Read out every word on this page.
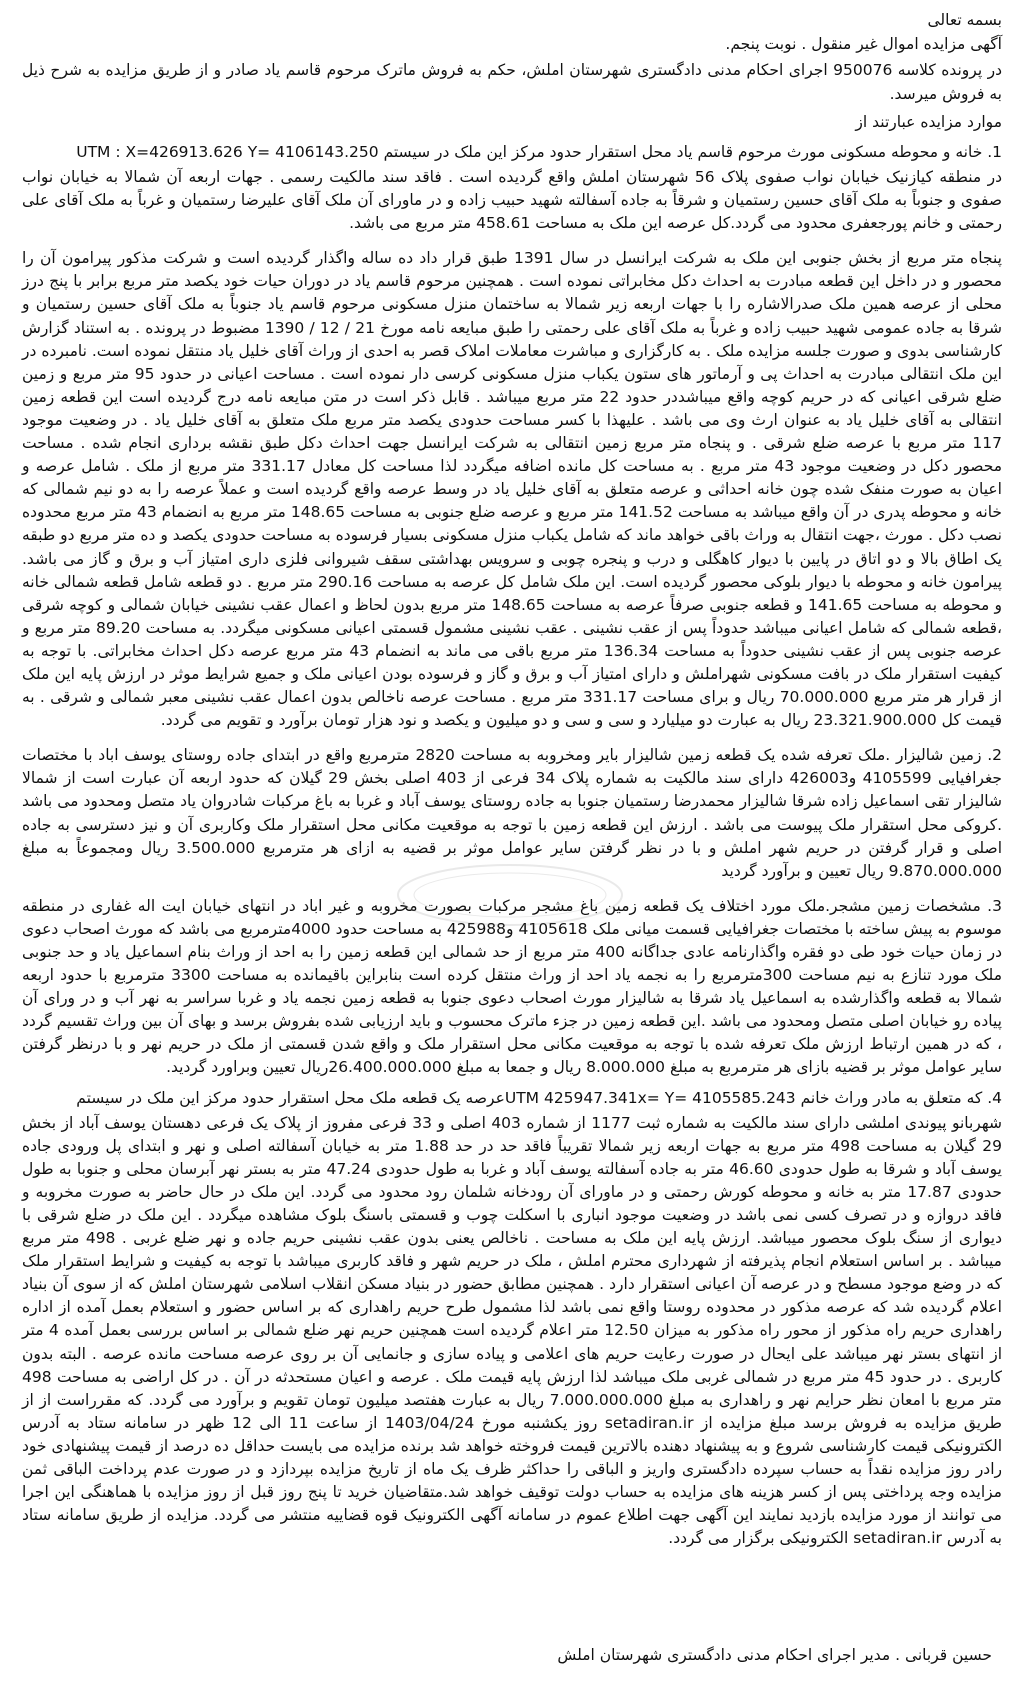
بسمه تعالی

آگهی مزایده اموال غیر منقول . نوبت پنجم.

در پرونده کلاسه 950076 اجرای احکام مدنی دادگستری شهرستان املش، حکم به فروش ماترک مرحوم قاسم یاد صادر و از طریق مزایده به شرح ذیل به فروش میرسد.

موارد مزایده عبارتند از

1. خانه و محوطه مسکونی مورث مرحوم قاسم یاد محل استقرار حدود مرکز این ملک در سیستم UTM : X=426913.626 Y= 4106143.250

در منطقه کیازنیک خیابان نواب صفوی پلاک 56 شهرستان املش واقع گردیده است . فاقد سند مالکیت رسمی . جهات اربعه آن شمالا به خیابان نواب صفوی و جنوباً به ملک آقای حسین رستمیان و شرقاً به جاده آسفالته شهید حبیب زاده و در ماورای آن ملک آقای علیرضا رستمیان و غرباً به ملک آقای علی رحمتی و خانم پورجعفری محدود می گردد.کل عرصه این ملک به مساحت 458.61 متر مربع می باشد.

پنجاه متر مربع از بخش جنوبی این ملک به شرکت ایرانسل در سال 1391 طبق قرار داد ده ساله واگذار گردیده است و شرکت مذکور پیرامون آن را محصور و در داخل این قطعه مبادرت به احداث دکل مخابراتی نموده است . همچنین مرحوم قاسم یاد در دوران حیات خود یکصد متر مربع برابر با پنج درز محلی از عرصه همین ملک صدرالاشاره را با جهات اربعه زیر شمالا به ساختمان منزل مسکونی مرحوم قاسم یاد جنوباً به ملک آقای حسین رستمیان و شرقا به جاده عمومی شهید حبیب زاده و غرباً به ملک آقای علی رحمتی را طبق مبایعه نامه مورخ 21 / 12 / 1390 مضبوط در پرونده . به استناد گزارش کارشناسی بدوی و صورت جلسه مزایده ملک . به کارگزاری و مباشرت معاملات املاک قصر به احدی از وراث آقای خلیل یاد منتقل نموده است. نامبرده در این ملک انتقالی مبادرت به احداث پی و آرماتور های ستون یکباب منزل مسکونی کرسی دار نموده است . مساحت اعیانی در حدود 95 متر مربع و زمین ضلع شرقی اعیانی که در حریم کوچه واقع میباشددر حدود 22 متر مربع میباشد . قابل ذکر است در متن مبایعه نامه درج گردیده است این قطعه زمین انتقالی به آقای خلیل یاد به عنوان ارث وی می باشد . علیهذا با کسر مساحت حدودی یکصد متر مربع ملک متعلق به آقای خلیل یاد . در وضعیت موجود 117 متر مربع با عرصه ضلع شرقی . و پنجاه متر مربع زمین انتقالی به شرکت ایرانسل جهت احداث دکل طبق نقشه برداری انجام شده . مساحت محصور دکل در وضعیت موجود 43 متر مربع . به مساحت کل مانده اضافه میگردد لذا مساحت کل معادل 331.17 متر مربع از ملک . شامل عرصه و اعیان به صورت منفک شده چون خانه احداثی و عرصه متعلق به آقای خلیل یاد در وسط عرصه واقع گردیده است و عملاً عرصه را به دو نیم شمالی که خانه و محوطه پدری در آن واقع میباشد به مساحت 141.52 متر مربع و عرصه ضلع جنوبی به مساحت 148.65 متر مربع به انضمام 43 متر مربع محدوده نصب دکل . مورث ،جهت انتقال به وراث باقی خواهد ماند که شامل یکباب منزل مسکونی بسیار فرسوده به مساحت حدودی یکصد و ده متر مربع دو طبقه یک اطاق بالا و دو اتاق در پایین با دیوار کاهگلی و درب و پنجره چوبی و سرویس بهداشتی سقف شیروانی فلزی داری امتیاز آب و برق و گاز می باشد. پیرامون خانه و محوطه با دیوار بلوکی محصور گردیده است. این ملک شامل کل عرصه به مساحت 290.16 متر مربع . دو قطعه شامل قطعه شمالی خانه و محوطه به مساحت 141.65 و قطعه جنوبی صرفاً عرصه به مساحت 148.65 متر مربع بدون لحاظ و اعمال عقب نشینی خیابان شمالی و کوچه شرقی ،قطعه شمالی که شامل اعیانی میباشد حدوداً پس از عقب نشینی . عقب نشینی مشمول قسمتی اعیانی مسکونی میگردد. به مساحت 89.20 متر مربع و عرصه جنوبی پس از عقب نشینی حدوداً به مساحت 136.34 متر مربع باقی می ماند به انضمام 43 متر مربع عرصه دکل احداث مخابراتی. با توجه به کیفیت استقرار ملک در بافت مسکونی شهراملش و دارای امتیاز آب و برق و گاز و فرسوده بودن اعیانی ملک و جمیع شرایط موثر در ارزش پایه این ملک از قرار هر متر مربع 70.000.000 ریال و برای مساحت 331.17 متر مربع . مساحت عرصه ناخالص بدون اعمال عقب نشینی معبر شمالی و شرقی . به قیمت کل 23.321.900.000 ریال به عبارت دو میلیارد و سی و سی و دو میلیون و یکصد و نود هزار تومان برآورد و تقویم می گردد.

2. زمین شالیزار .ملک تعرفه شده یک قطعه زمین شالیزار بایر ومخروبه به مساحت 2820 مترمربع واقع در ابتدای جاده روستای یوسف اباد با مختصات جغرافیایی 4105599 و426003 دارای سند مالکیت به شماره پلاک 34 فرعی از 403 اصلی بخش 29 گیلان که حدود اربعه آن عبارت است از شمالا شالیزار تقی اسماعیل زاده شرقا شالیزار محمدرضا رستمیان جنوبا به جاده روستای یوسف آباد و غربا به باغ مرکبات شادروان یاد متصل ومحدود می باشد .کروکی محل استقرار ملک پیوست می باشد . ارزش این قطعه زمین با توجه به موقعیت مکانی محل استقرار ملک وکاربری آن و نیز دسترسی به جاده اصلی و قرار گرفتن در حریم شهر املش و با در نظر گرفتن سایر عوامل موثر بر قضیه به ازای هر مترمربع 3.500.000 ریال ومجموعاً به مبلغ 9.870.000.000 ریال تعیین و برآورد گردید

3. مشخصات زمین مشجر.ملک مورد اختلاف یک قطعه زمین باغ مشجر مرکبات بصورت مخروبه و غیر اباد در انتهای خیابان ایت اله غفاری در منطقه موسوم به پیش ساخته با مختصات جغرافیایی قسمت میانی ملک 4105618 و425988 به مساحت حدود 4000مترمربع می باشد که مورث اصحاب دعوی در زمان حیات خود طی دو فقره واگذارنامه عادی جداگانه 400 متر مربع از حد شمالی این قطعه زمین را به احد از وراث بنام اسماعیل یاد و حد جنوبی ملک مورد تنازع به نیم مساحت 300مترمربع را به نجمه یاد احد از وراث منتقل کرده است بنابراین باقیمانده به مساحت 3300 مترمربع با حدود اربعه شمالا به قطعه واگذارشده به اسماعیل یاد شرقا به شالیزار مورث اصحاب دعوی جنوبا به قطعه زمین نجمه یاد و غربا سراسر به نهر آب و در ورای آن پیاده رو خیابان اصلی متصل ومحدود می باشد .این قطعه زمین در جزء ماترک محسوب و باید ارزیابی شده بفروش برسد و بهای آن بین وراث تقسیم گردد ، که در همین ارتباط ارزش ملک تعرفه شده با توجه به موقعیت مکانی محل استقرار ملک و واقع شدن قسمتی از ملک در حریم نهر و با درنظر گرفتن سایر عوامل موثر بر قضیه بازای هر مترمربع به مبلغ 8.000.000 ریال و جمعا به مبلغ 26.400.000.000ریال تعیین وبراورد گردید.

4. که متعلق به مادر وراث خانم UTM 425947.341x= Y= 4105585.243عرصه یک قطعه ملک محل استقرار حدود مرکز این ملک در سیستم

شهربانو پیوندی املشی دارای سند مالکیت به شماره ثبت 1177 از شماره 403 اصلی و 33 فرعی مفروز از پلاک یک فرعی دهستان یوسف آباد از بخش 29 گیلان به مساحت 498 متر مربع به جهات اربعه زیر شمالا تقریباً فاقد حد در حد 1.88 متر به خیابان آسفالته اصلی و نهر و ابتدای پل ورودی جاده یوسف آباد و شرقا به طول حدودی 46.60 متر به جاده آسفالته یوسف آباد و غربا به طول حدودی 47.24 متر به بستر نهر آبرسان محلی و جنوبا به طول حدودی 17.87 متر به خانه و محوطه کورش رحمتی و در ماورای آن رودخانه شلمان رود محدود می گردد. این ملک در حال حاضر به صورت مخروبه و فاقد دروازه و در تصرف کسی نمی باشد در وضعیت موجود انباری با اسکلت چوب و قسمتی باسنگ بلوک مشاهده میگردد . این ملک در ضلع شرقی با دیواری از سنگ بلوک محصور میباشد. ارزش پایه این ملک به مساحت . ناخالص یعنی بدون عقب نشینی حریم جاده و نهر ضلع غربی . 498 متر مربع میباشد . بر اساس استعلام انجام پذیرفته از شهرداری محترم املش ، ملک در حریم شهر و فاقد کاربری میباشد با توجه به کیفیت و شرایط استقرار ملک که در وضع موجود مسطح و در عرصه آن اعیانی استقرار دارد . همچنین مطابق حضور در بنیاد مسکن انقلاب اسلامی شهرستان املش که از سوی آن بنیاد اعلام گردیده شد که عرصه مذکور در محدوده روستا واقع نمی باشد لذا مشمول طرح حریم راهداری که بر اساس حضور و استعلام بعمل آمده از اداره راهداری حریم راه مذکور از محور راه مذکور به میزان 12.50 متر اعلام گردیده است همچنین حریم نهر ضلع شمالی بر اساس بررسی بعمل آمده 4 متر از انتهای بستر نهر میباشد علی ایحال در صورت رعایت حریم های اعلامی و پیاده سازی و جانمایی آن بر روی عرصه مساحت مانده عرصه . البته بدون کاربری . در حدود 45 متر مربع در شمالی غربی ملک میباشد لذا ارزش پایه قیمت ملک . عرصه و اعیان مستحدثه در آن . در کل اراضی به مساحت 498 متر مربع با امعان نظر حرایم نهر و راهداری به مبلغ 7.000.000.000 ریال به عبارت هفتصد میلیون تومان تقویم و برآورد می گردد. که مقرراست از از طریق مزایده به فروش برسد مبلغ مزایده از setadiran.ir روز یکشنبه مورخ 1403/04/24 از ساعت 11 الی 12 ظهر در سامانه ستاد به آدرس الکترونیکی قیمت کارشناسی شروع و به پیشنهاد دهنده بالاترین قیمت فروخته خواهد شد برنده مزایده می بایست حداقل ده درصد از قیمت پیشنهادی خود رادر روز مزایده نقداً به حساب سپرده دادگستری واریز و الباقی را حداکثر ظرف یک ماه از تاریخ مزایده بپردازد و در صورت عدم پرداخت الباقی ثمن مزایده وجه پرداختی پس از کسر هزینه های مزایده به حساب دولت توقیف خواهد شد.متقاضیان خرید تا پنج روز قبل از روز مزایده با هماهنگی این اجرا می توانند از مورد مزایده بازدید نمایند این آگهی جهت اطلاع عموم در سامانه آگهی الکترونیک قوه قضاییه منتشر می گردد. مزایده از طریق سامانه ستاد به آدرس setadiran.ir الکترونیکی برگزار می گردد.

حسین قربانی . مدیر اجرای احکام مدنی دادگستری شهرستان املش
